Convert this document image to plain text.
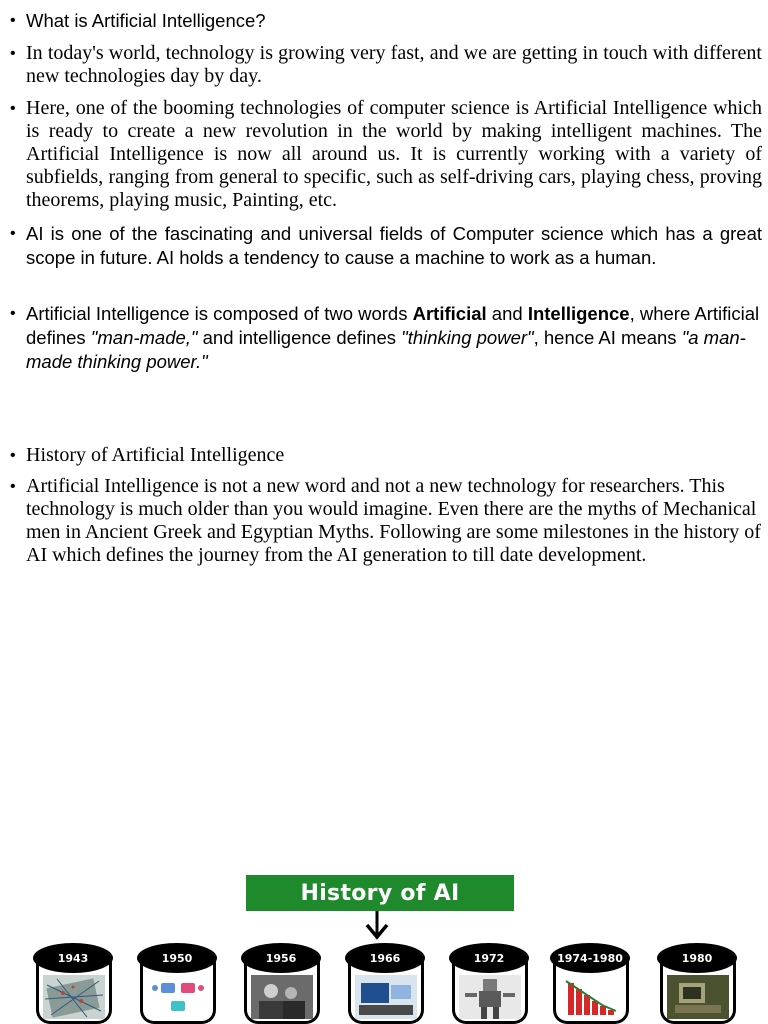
• What is Artificial Intelligence?
• In today's world, technology is growing very fast, and we are getting in touch with different new technologies day by day.
• Here, one of the booming technologies of computer science is Artificial Intelligence which is ready to create a new revolution in the world by making intelligent machines. The Artificial Intelligence is now all around us. It is currently working with a variety of subfields, ranging from general to specific, such as self-driving cars, playing chess, proving theorems, playing music, Painting, etc.
• AI is one of the fascinating and universal fields of Computer science which has a great scope in future. AI holds a tendency to cause a machine to work as a human.
• Artificial Intelligence is composed of two words Artificial and Intelligence, where Artificial defines "man-made," and intelligence defines "thinking power", hence AI means "a man-made thinking power."
• History of Artificial Intelligence
• Artificial Intelligence is not a new word and not a new technology for researchers. This technology is much older than you would imagine. Even there are the myths of Mechanical men in Ancient Greek and Egyptian Myths. Following are some milestones in the history of AI which defines the journey from the AI generation to till date development.
History of AI
1943	1950	1956	1966	1972	1974-1980	1980
